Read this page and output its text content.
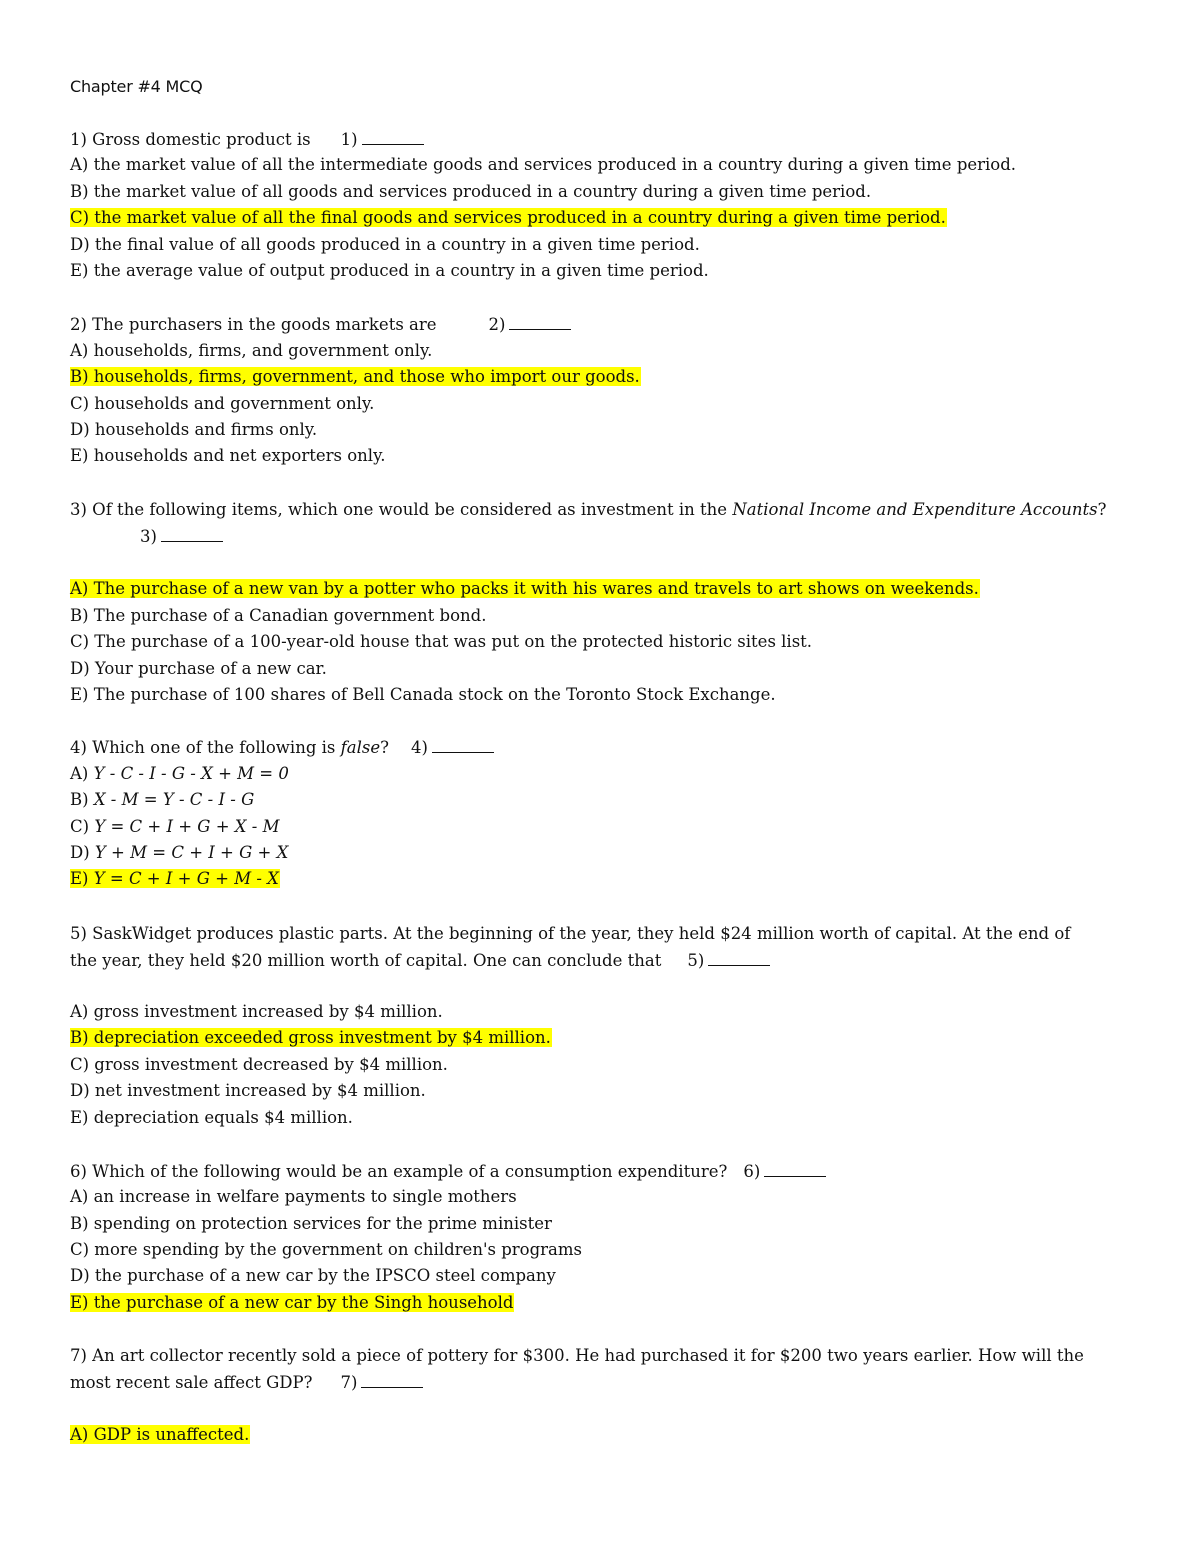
Chapter #4 MCQ
1) Gross domestic product is 1)
A) the market value of all the intermediate goods and services produced in a country during a given time period.
B) the market value of all goods and services produced in a country during a given time period.
C) the market value of all the final goods and services produced in a country during a given time period.
D) the final value of all goods produced in a country in a given time period.
E) the average value of output produced in a country in a given time period.
2) The purchasers in the goods markets are	2)
A) households, firms, and government only.
B) households, firms, government, and those who import our goods.
C) households and government only.
D) households and firms only.
E) households and net exporters only.
3) Of the following items, which one would be considered as investment in the National Income and Expenditure Accounts?
3)
A) The purchase of a new van by a potter who packs it with his wares and travels to art shows on weekends.
B) The purchase of a Canadian government bond.
C) The purchase of a 100-year-old house that was put on the protected historic sites list.
D) Your purchase of a new car.
E) The purchase of 100 shares of Bell Canada stock on the Toronto Stock Exchange.
4) Which one of the following is false? 4)
A) Y - C - I - G - X + M = 0
B) X - M = Y - C - I - G
C) Y = C + I + G + X - M
D) Y + M = C + I + G + X
E) Y = C + I + G + M - X
5) SaskWidget produces plastic parts. At the beginning of the year, they held $24 million worth of capital. At the end of
the year, they held $20 million worth of capital. One can conclude that 5)
A) gross investment increased by $4 million.
B) depreciation exceeded gross investment by $4 million.
C) gross investment decreased by $4 million.
D) net investment increased by $4 million.
E) depreciation equals $4 million.
6) Which of the following would be an example of a consumption expenditure? 6)
A) an increase in welfare payments to single mothers
B) spending on protection services for the prime minister
C) more spending by the government on children's programs
D) the purchase of a new car by the IPSCO steel company
E) the purchase of a new car by the Singh household
7) An art collector recently sold a piece of pottery for $300. He had purchased it for $200 two years earlier. How will the
most recent sale affect GDP? 7)
A) GDP is unaffected.
